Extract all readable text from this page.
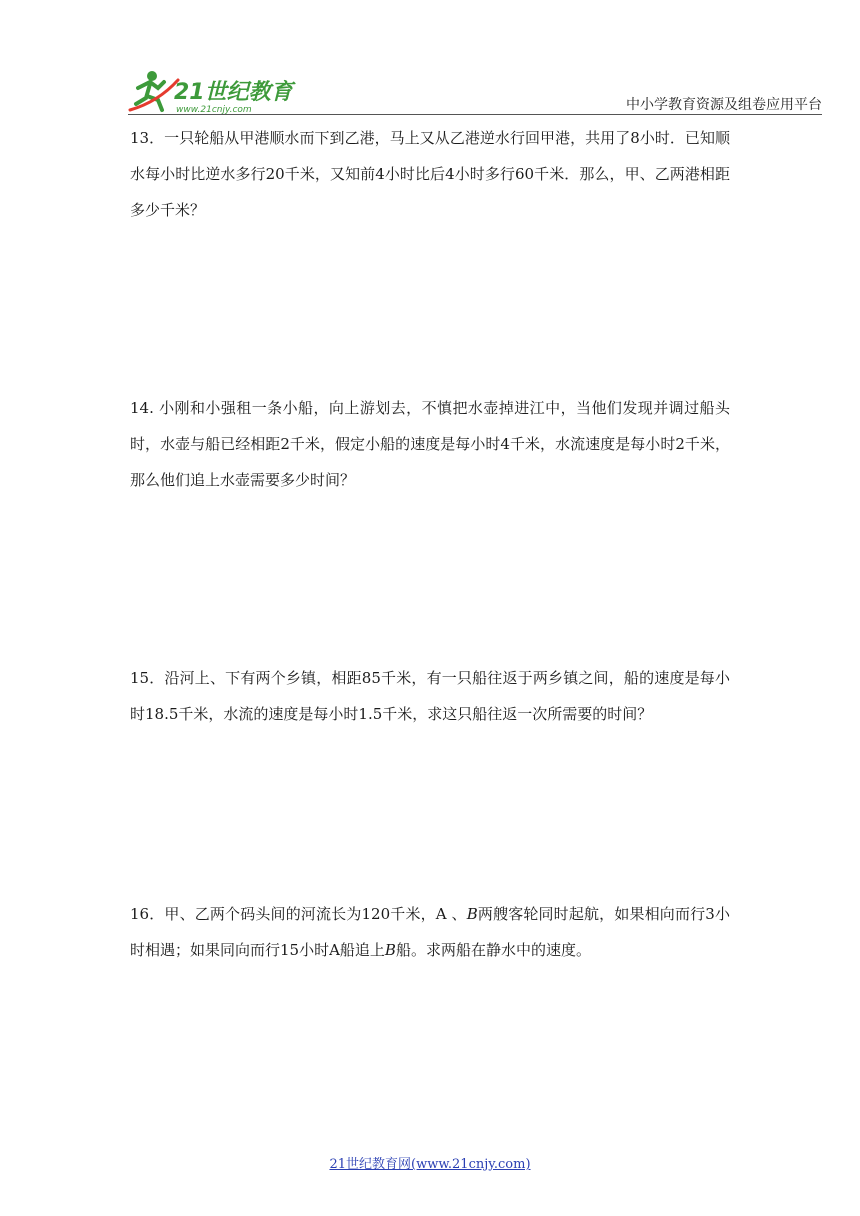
21世纪教育
www.21cnjy.com	中小学教育资源及组卷应用平台

13．一只轮船从甲港顺水而下到乙港，马上又从乙港逆水行回甲港，共用了8小时．已知顺水每小时比逆水多行20千米，又知前4小时比后4小时多行60千米．那么，甲、乙两港相距多少千米？

14. 小刚和小强租一条小船，向上游划去，不慎把水壶掉进江中，当他们发现并调过船头时，水壶与船已经相距2千米，假定小船的速度是每小时4千米，水流速度是每小时2千米，那么他们追上水壶需要多少时间？

15．沿河上、下有两个乡镇，相距85千米，有一只船往返于两乡镇之间，船的速度是每小时18.5千米，水流的速度是每小时1.5千米，求这只船往返一次所需要的时间？

16．甲、乙两个码头间的河流长为120千米，A 、B两艘客轮同时起航，如果相向而行3小时相遇；如果同向而行15小时A船追上B船。求两船在静水中的速度。

21世纪教育网(www.21cnjy.com)
